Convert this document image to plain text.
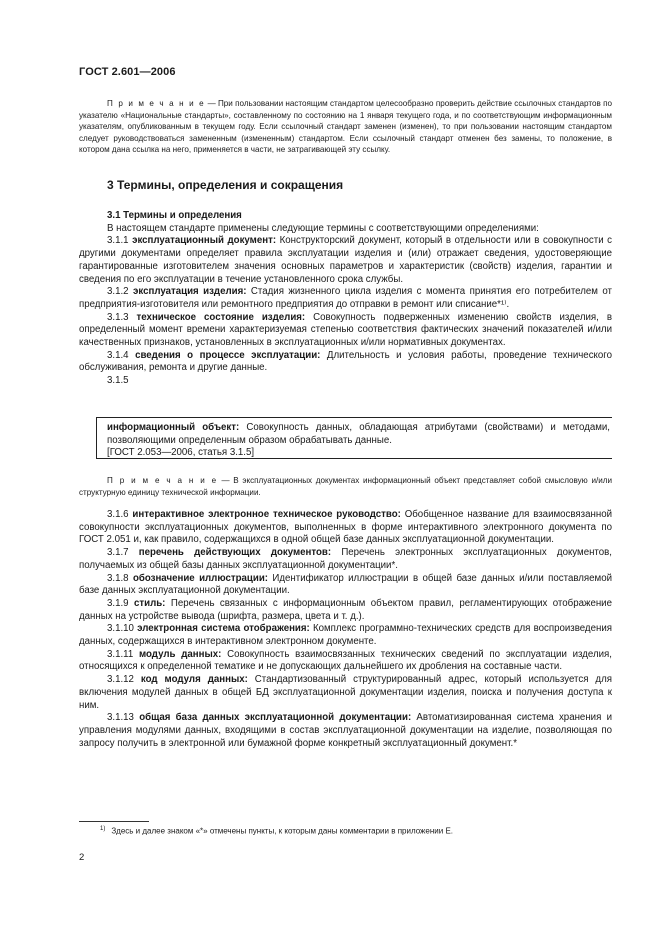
ГОСТ 2.601—2006
П р и м е ч а н и е — При пользовании настоящим стандартом целесообразно проверить действие ссылочных стандартов по указателю «Национальные стандарты», составленному по состоянию на 1 января текущего года, и по соответствующим информационным указателям, опубликованным в текущем году. Если ссылочный стандарт заменен (изменен), то при пользовании настоящим стандартом следует руководствоваться замененным (измененным) стандартом. Если ссылочный стандарт отменен без замены, то положение, в котором дана ссылка на него, применяется в части, не затрагивающей эту ссылку.
3 Термины, определения и сокращения

3.1 Термины и определения

В настоящем стандарте применены следующие термины с соответствующими определениями:

3.1.1 эксплуатационный документ: Конструкторский документ, который в отдельности или в совокупности с другими документами определяет правила эксплуатации изделия и (или) отражает сведения, удостоверяющие гарантированные изготовителем значения основных параметров и характеристик (свойств) изделия, гарантии и сведения по его эксплуатации в течение установленного срока службы.

3.1.2 эксплуатация изделия: Стадия жизненного цикла изделия с момента принятия его потребителем от предприятия-изготовителя или ремонтного предприятия до отправки в ремонт или списание*¹⁾.

3.1.3 техническое состояние изделия: Совокупность подверженных изменению свойств изделия, в определенный момент времени характеризуемая степенью соответствия фактических значений показателей и/или качественных признаков, установленных в эксплуатационных и/или нормативных документах.

3.1.4 сведения о процессе эксплуатации: Длительность и условия работы, проведение технического обслуживания, ремонта и другие данные.

3.1.5

информационный объект: Совокупность данных, обладающая атрибутами (свойствами) и методами, позволяющими определенным образом обрабатывать данные.
[ГОСТ 2.053—2006, статья 3.1.5]
П р и м е ч а н и е — В эксплуатационных документах информационный объект представляет собой смысловую и/или структурную единицу технической информации.

3.1.6 интерактивное электронное техническое руководство: Обобщенное название для взаимосвязанной совокупности эксплуатационных документов, выполненных в форме интерактивного электронного документа по ГОСТ 2.051 и, как правило, содержащихся в одной общей базе данных эксплуатационной документации.

3.1.7 перечень действующих документов: Перечень электронных эксплуатационных документов, получаемых из общей базы данных эксплуатационной документации*.

3.1.8 обозначение иллюстрации: Идентификатор иллюстрации в общей базе данных и/или поставляемой базе данных эксплуатационной документации.

3.1.9 стиль: Перечень связанных с информационным объектом правил, регламентирующих отображение данных на устройстве вывода (шрифта, размера, цвета и т. д.).

3.1.10 электронная система отображения: Комплекс программно-технических средств для воспроизведения данных, содержащихся в интерактивном электронном документе.

3.1.11 модуль данных: Совокупность взаимосвязанных технических сведений по эксплуатации изделия, относящихся к определенной тематике и не допускающих дальнейшего их дробления на составные части.

3.1.12 код модуля данных: Стандартизованный структурированный адрес, который используется для включения модулей данных в общей БД эксплуатационной документации изделия, поиска и получения доступа к ним.

3.1.13 общая база данных эксплуатационной документации: Автоматизированная система хранения и управления модулями данных, входящими в состав эксплуатационной документации на изделие, позволяющая по запросу получить в электронной или бумажной форме конкретный эксплуатационный документ.*

$^{1)}$ Здесь и далее знаком «*» отмечены пункты, к которым даны комментарии в приложении Е.
2
